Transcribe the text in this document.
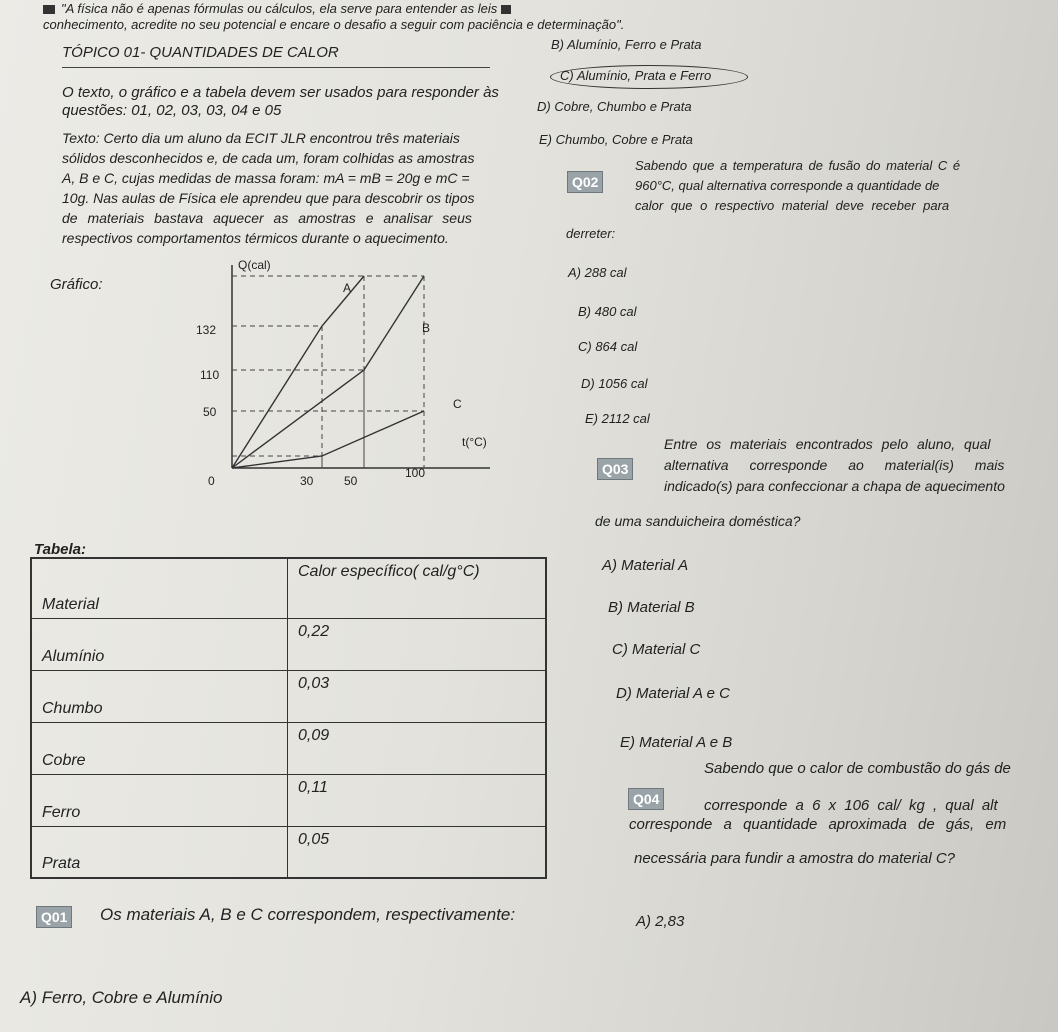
"A física não é apenas fórmulas ou cálculos, ela serve para entender as leis
conhecimento, acredite no seu potencial e encare o desafio a seguir com paciência e determinação".
TÓPICO 01- QUANTIDADES DE CALOR
O texto, o gráfico e a tabela devem ser usados para responder às
questões: 01, 02, 03, 03, 04 e 05
Texto: Certo dia um aluno da ECIT JLR encontrou três materiais
sólidos desconhecidos e, de cada um, foram colhidas as amostras
A, B e C, cujas medidas de massa foram: mA = mB = 20g e mC =
10g. Nas aulas de Física ele aprendeu que para descobrir os tipos
de materiais bastava aquecer as amostras e analisar seus
respectivos comportamentos térmicos durante o aquecimento.
Gráfico:
Q(cal)
t(°C)
132
110
50
0	30	50
100
A
B
C
Tabela:
Material	Calor específico( cal/g°C)
Alumínio	0,22
Chumbo	0,03
Cobre	0,09
Ferro	0,11
Prata	0,05
Q01 Os materiais A, B e C correspondem, respectivamente:
A) Ferro, Cobre e Alumínio
B) Alumínio, Ferro e Prata
C) Alumínio, Prata e Ferro
D) Cobre, Chumbo e Prata
E) Chumbo, Cobre e Prata
Q02
Sabendo que a temperatura de fusão do material C é
960°C, qual alternativa corresponde a quantidade de
calor que o respectivo material deve receber para
derreter:
A) 288 cal
B) 480 cal
C) 864 cal
D) 1056 cal
E) 2112 cal
Q03
Entre os materiais encontrados pelo aluno, qual
alternativa corresponde ao material(is) mais
indicado(s) para confeccionar a chapa de aquecimento
de uma sanduicheira doméstica?
A) Material A
B) Material B
C) Material C
D) Material A e C
E) Material A e B
Q04
Sabendo que o calor de combustão do gás de
corresponde a 6 x 106 cal/ kg , qual alt
corresponde a quantidade aproximada de gás, em
necessária para fundir a amostra do material C?
A) 2,83
